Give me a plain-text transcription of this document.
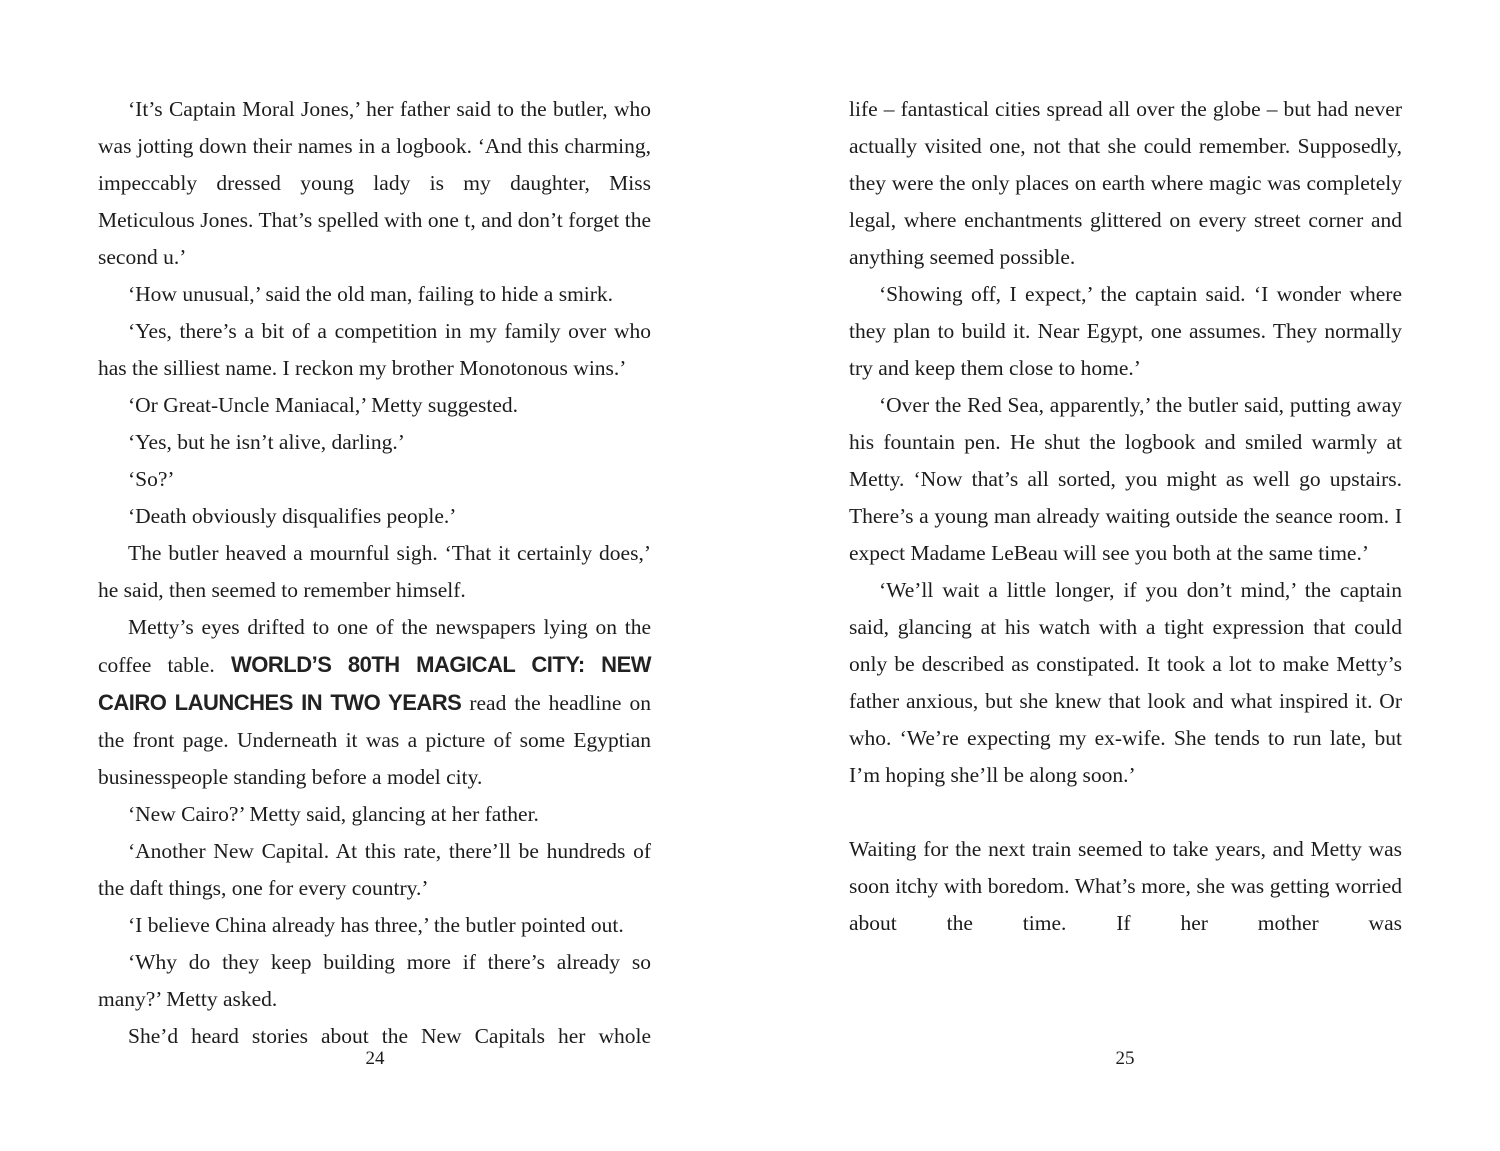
‘It’s Captain Moral Jones,’ her father said to the butler, who was jotting down their names in a logbook. ‘And this charming, impeccably dressed young lady is my daughter, Miss Meticulous Jones. That’s spelled with one t, and don’t forget the second u.’

‘How unusual,’ said the old man, failing to hide a smirk.

‘Yes, there’s a bit of a competition in my family over who has the silliest name. I reckon my brother Monotonous wins.’

‘Or Great-Uncle Maniacal,’ Metty suggested.

‘Yes, but he isn’t alive, darling.’

‘So?’

‘Death obviously disqualifies people.’

The butler heaved a mournful sigh. ‘That it certainly does,’ he said, then seemed to remember himself.

Metty’s eyes drifted to one of the newspapers lying on the coffee table. WORLD’S 80TH MAGICAL CITY: NEW CAIRO LAUNCHES IN TWO YEARS read the headline on the front page. Underneath it was a picture of some Egyptian businesspeople standing before a model city.

‘New Cairo?’ Metty said, glancing at her father.

‘Another New Capital. At this rate, there’ll be hundreds of the daft things, one for every country.’

‘I believe China already has three,’ the butler pointed out.

‘Why do they keep building more if there’s already so many?’ Metty asked.

She’d heard stories about the New Capitals her whole

24

life – fantastical cities spread all over the globe – but had never actually visited one, not that she could remember. Supposedly, they were the only places on earth where magic was completely legal, where enchantments glittered on every street corner and anything seemed possible.

‘Showing off, I expect,’ the captain said. ‘I wonder where they plan to build it. Near Egypt, one assumes. They normally try and keep them close to home.’

‘Over the Red Sea, apparently,’ the butler said, putting away his fountain pen. He shut the logbook and smiled warmly at Metty. ‘Now that’s all sorted, you might as well go upstairs. There’s a young man already waiting outside the seance room. I expect Madame LeBeau will see you both at the same time.’

‘We’ll wait a little longer, if you don’t mind,’ the captain said, glancing at his watch with a tight expression that could only be described as constipated. It took a lot to make Metty’s father anxious, but she knew that look and what inspired it. Or who. ‘We’re expecting my ex-wife. She tends to run late, but I’m hoping she’ll be along soon.’

Waiting for the next train seemed to take years, and Metty was soon itchy with boredom. What’s more, she was getting worried about the time. If her mother was

25
